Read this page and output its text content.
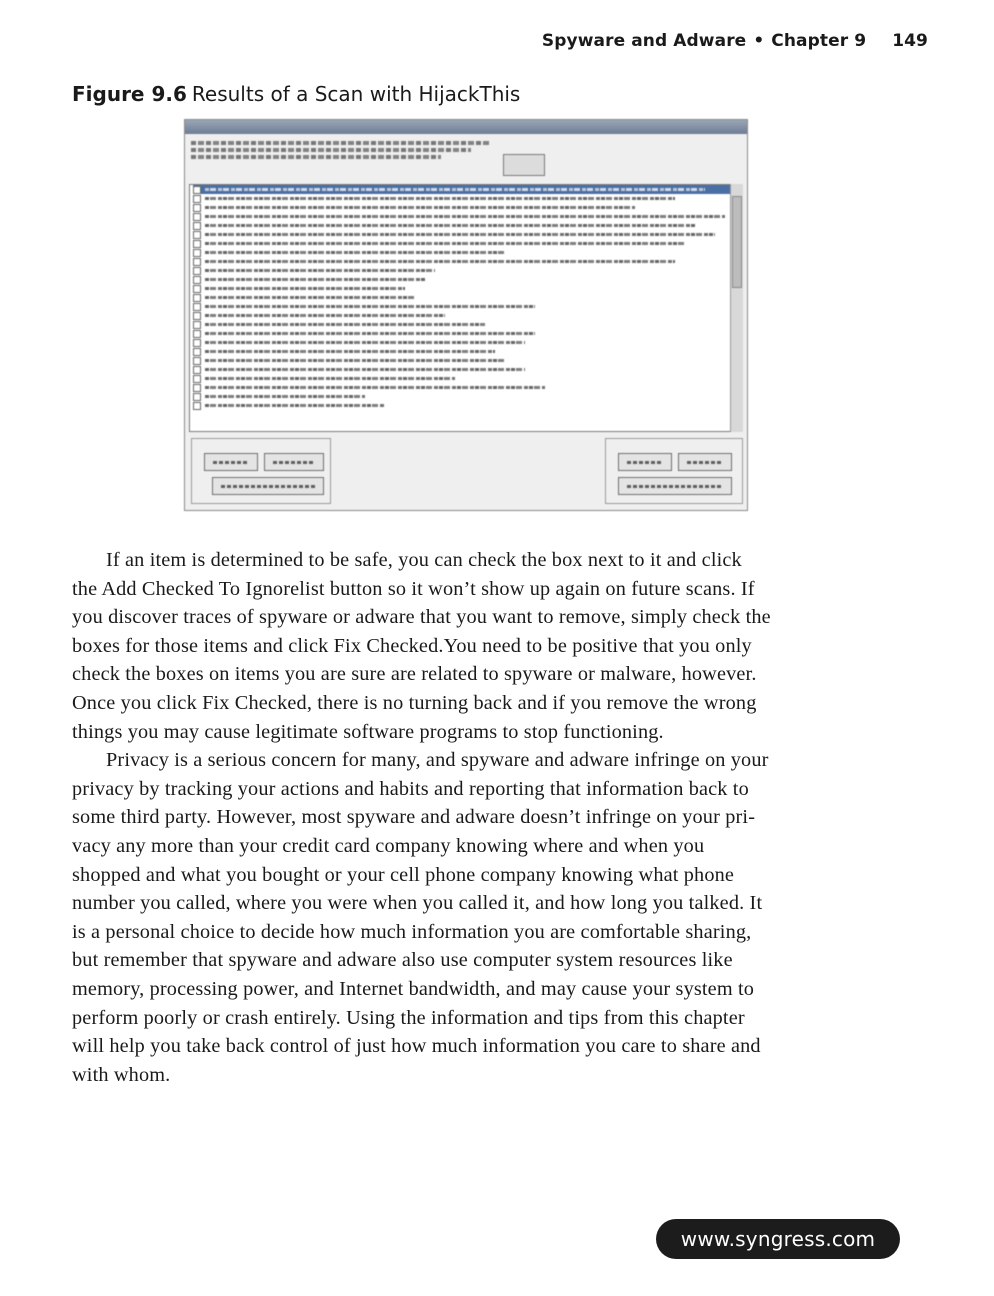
Spyware and Adware • Chapter 9 149
Figure 9.6 Results of a Scan with HijackThis

If an item is determined to be safe, you can check the box next to it and click
the Add Checked To Ignorelist button so it won’t show up again on future scans. If
you discover traces of spyware or adware that you want to remove, simply check the
boxes for those items and click Fix Checked.You need to be positive that you only
check the boxes on items you are sure are related to spyware or malware, however.
Once you click Fix Checked, there is no turning back and if you remove the wrong
things you may cause legitimate software programs to stop functioning.

Privacy is a serious concern for many, and spyware and adware infringe on your
privacy by tracking your actions and habits and reporting that information back to
some third party. However, most spyware and adware doesn’t infringe on your pri-
vacy any more than your credit card company knowing where and when you
shopped and what you bought or your cell phone company knowing what phone
number you called, where you were when you called it, and how long you talked. It
is a personal choice to decide how much information you are comfortable sharing,
but remember that spyware and adware also use computer system resources like
memory, processing power, and Internet bandwidth, and may cause your system to
perform poorly or crash entirely. Using the information and tips from this chapter
will help you take back control of just how much information you care to share and
with whom.

www.syngress.com
